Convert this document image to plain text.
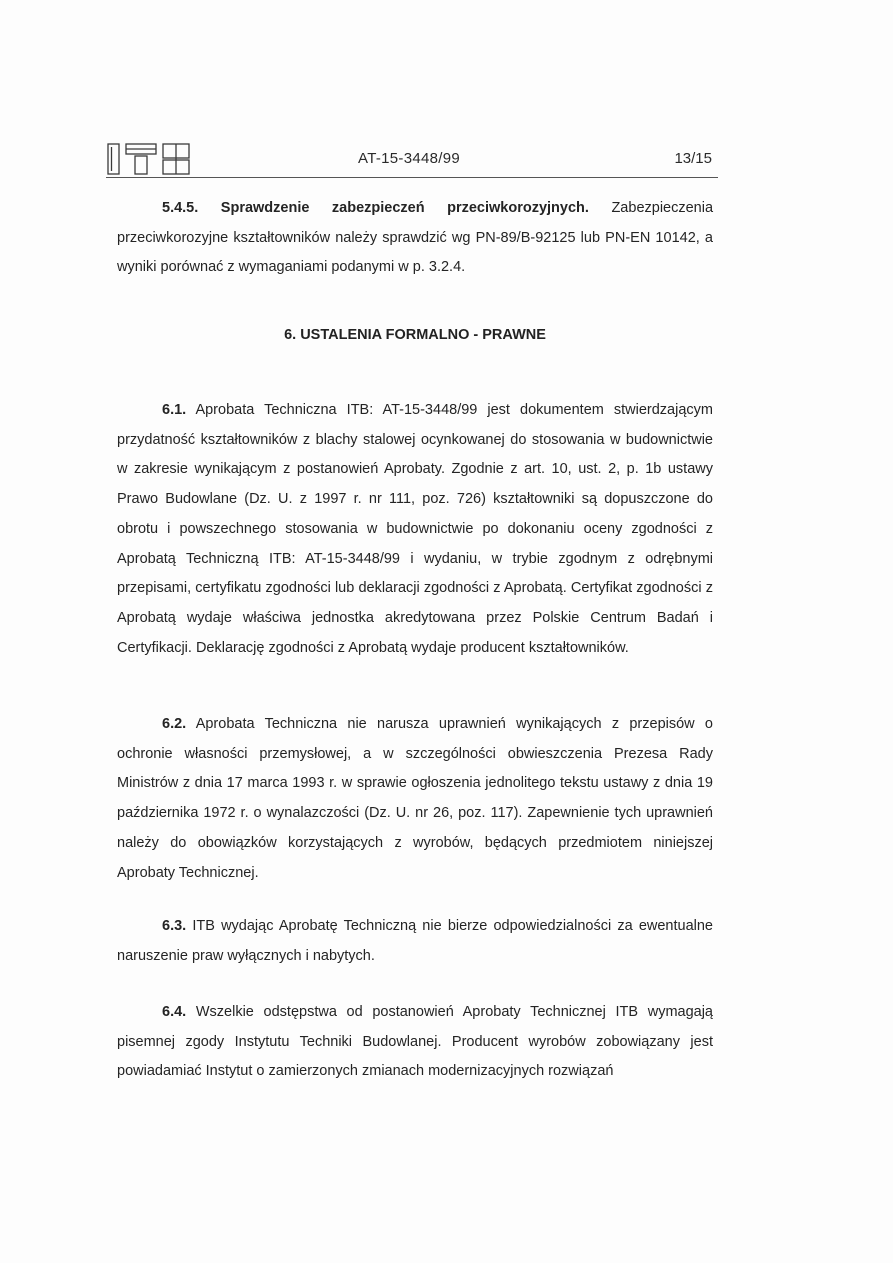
AT-15-3448/99	13/15
5.4.5. Sprawdzenie zabezpieczeń przeciwkorozyjnych. Zabezpieczenia przeciwkorozyjne kształtowników należy sprawdzić wg PN-89/B-92125 lub PN-EN 10142, a wyniki porównać z wymaganiami podanymi w p. 3.2.4.
6. USTALENIA FORMALNO - PRAWNE
6.1. Aprobata Techniczna ITB: AT-15-3448/99 jest dokumentem stwierdzającym przydatność kształtowników z blachy stalowej ocynkowanej do stosowania w budownictwie w zakresie wynikającym z postanowień Aprobaty. Zgodnie z art. 10, ust. 2, p. 1b ustawy Prawo Budowlane (Dz. U. z 1997 r. nr 111, poz. 726) kształtowniki są dopuszczone do obrotu i powszechnego stosowania w budownictwie po dokonaniu oceny zgodności z Aprobatą Techniczną ITB: AT-15-3448/99 i wydaniu, w trybie zgodnym z odrębnymi przepisami, certyfikatu zgodności lub deklaracji zgodności z Aprobatą. Certyfikat zgodności z Aprobatą wydaje właściwa jednostka akredytowana przez Polskie Centrum Badań i Certyfikacji. Deklarację zgodności z Aprobatą wydaje producent kształtowników.
6.2. Aprobata Techniczna nie narusza uprawnień wynikających z przepisów o ochronie własności przemysłowej, a w szczególności obwieszczenia Prezesa Rady Ministrów z dnia 17 marca 1993 r. w sprawie ogłoszenia jednolitego tekstu ustawy z dnia 19 października 1972 r. o wynalazczości (Dz. U. nr 26, poz. 117). Zapewnienie tych uprawnień należy do obowiązków korzystających z wyrobów, będących przedmiotem niniejszej Aprobaty Technicznej.
6.3. ITB wydając Aprobatę Techniczną nie bierze odpowiedzialności za ewentualne naruszenie praw wyłącznych i nabytych.
6.4. Wszelkie odstępstwa od postanowień Aprobaty Technicznej ITB wymagają pisemnej zgody Instytutu Techniki Budowlanej. Producent wyrobów zobowiązany jest powiadamiać Instytut o zamierzonych zmianach modernizacyjnych rozwiązań
